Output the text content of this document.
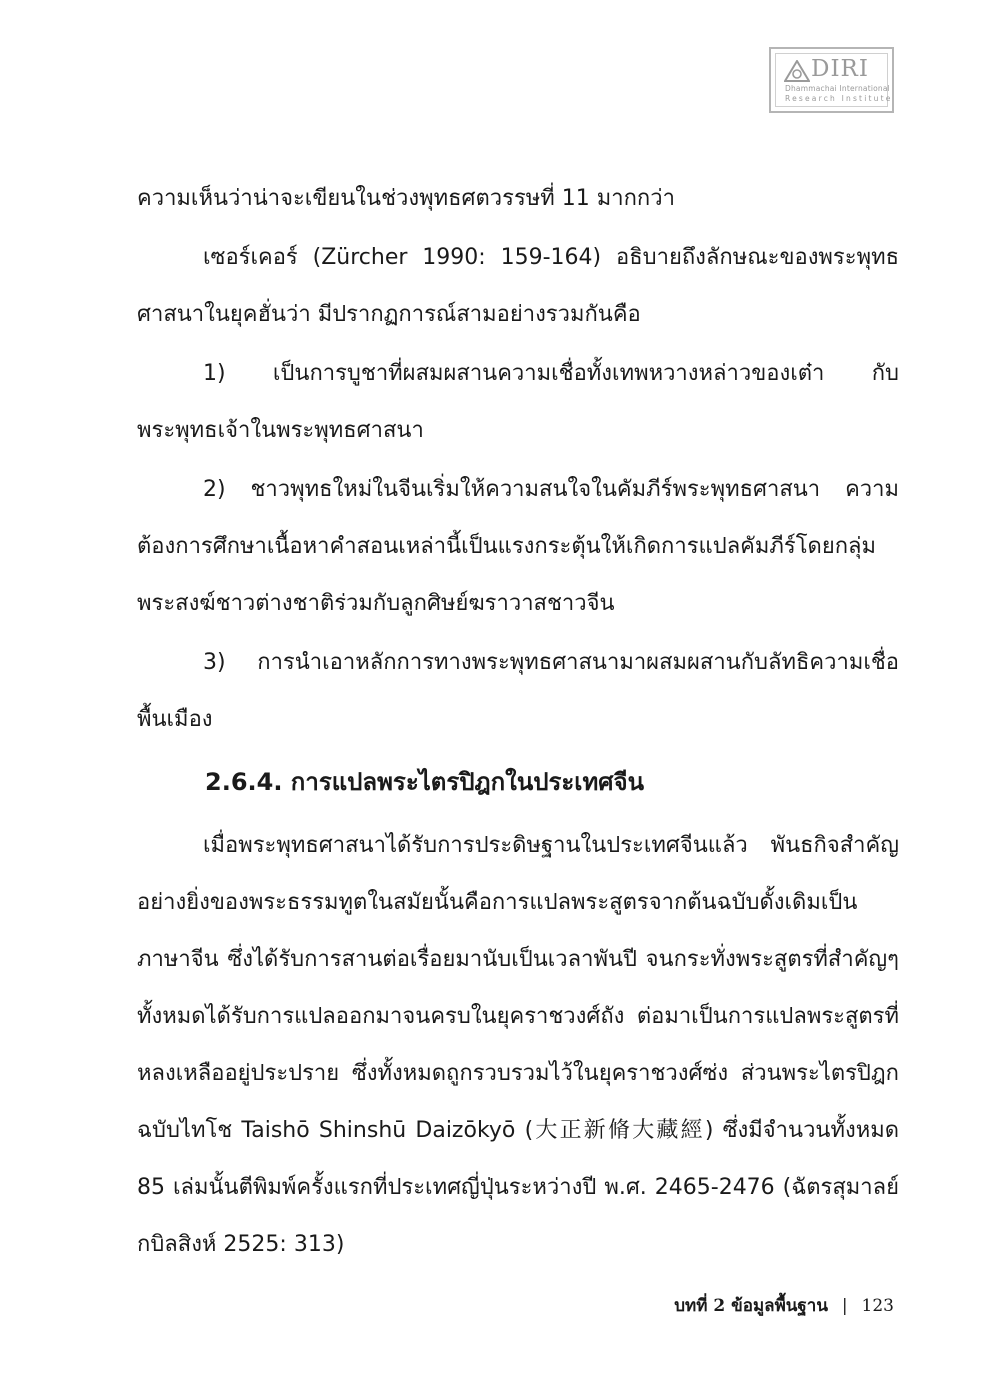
DIRI
Dhammachai International
Research Institute

ความเห็นว่าน่าจะเขียนในช่วงพุทธศตวรรษที่ 11 มากกว่า

เซอร์เคอร์ (Zürcher 1990: 159-164) อธิบายถึงลักษณะของพระพุทธศาสนาในยุคฮั่นว่า มีปรากฏการณ์สามอย่างรวมกันคือ

1) เป็นการบูชาที่ผสมผสานความเชื่อทั้งเทพหวางหล่าวของเต๋า กับพระพุทธเจ้าในพระพุทธศาสนา

2) ชาวพุทธใหม่ในจีนเริ่มให้ความสนใจในคัมภีร์พระพุทธศาสนา ความต้องการศึกษาเนื้อหาคำสอนเหล่านี้เป็นแรงกระตุ้นให้เกิดการแปลคัมภีร์โดยกลุ่มพระสงฆ์ชาวต่างชาติร่วมกับลูกศิษย์ฆราวาสชาวจีน

3) การนำเอาหลักการทางพระพุทธศาสนามาผสมผสานกับลัทธิความเชื่อพื้นเมือง

2.6.4. การแปลพระไตรปิฎกในประเทศจีน

เมื่อพระพุทธศาสนาได้รับการประดิษฐานในประเทศจีนแล้ว พันธกิจสำคัญอย่างยิ่งของพระธรรมทูตในสมัยนั้นคือการแปลพระสูตรจากต้นฉบับดั้งเดิมเป็นภาษาจีน ซึ่งได้รับการสานต่อเรื่อยมานับเป็นเวลาพันปี จนกระทั่งพระสูตรที่สำคัญๆ ทั้งหมดได้รับการแปลออกมาจนครบในยุคราชวงศ์ถัง ต่อมาเป็นการแปลพระสูตรที่หลงเหลืออยู่ประปราย ซึ่งทั้งหมดถูกรวบรวมไว้ในยุคราชวงศ์ซ่ง ส่วนพระไตรปิฎกฉบับไทโช Taishō Shinshū Daizōkyō (大正新脩大藏經) ซึ่งมีจำนวนทั้งหมด 85 เล่มนั้นตีพิมพ์ครั้งแรกที่ประเทศญี่ปุ่นระหว่างปี พ.ศ. 2465-2476 (ฉัตรสุมาลย์ กบิลสิงห์ 2525: 313)

บทที่ 2 ข้อมูลพื้นฐาน | 123
